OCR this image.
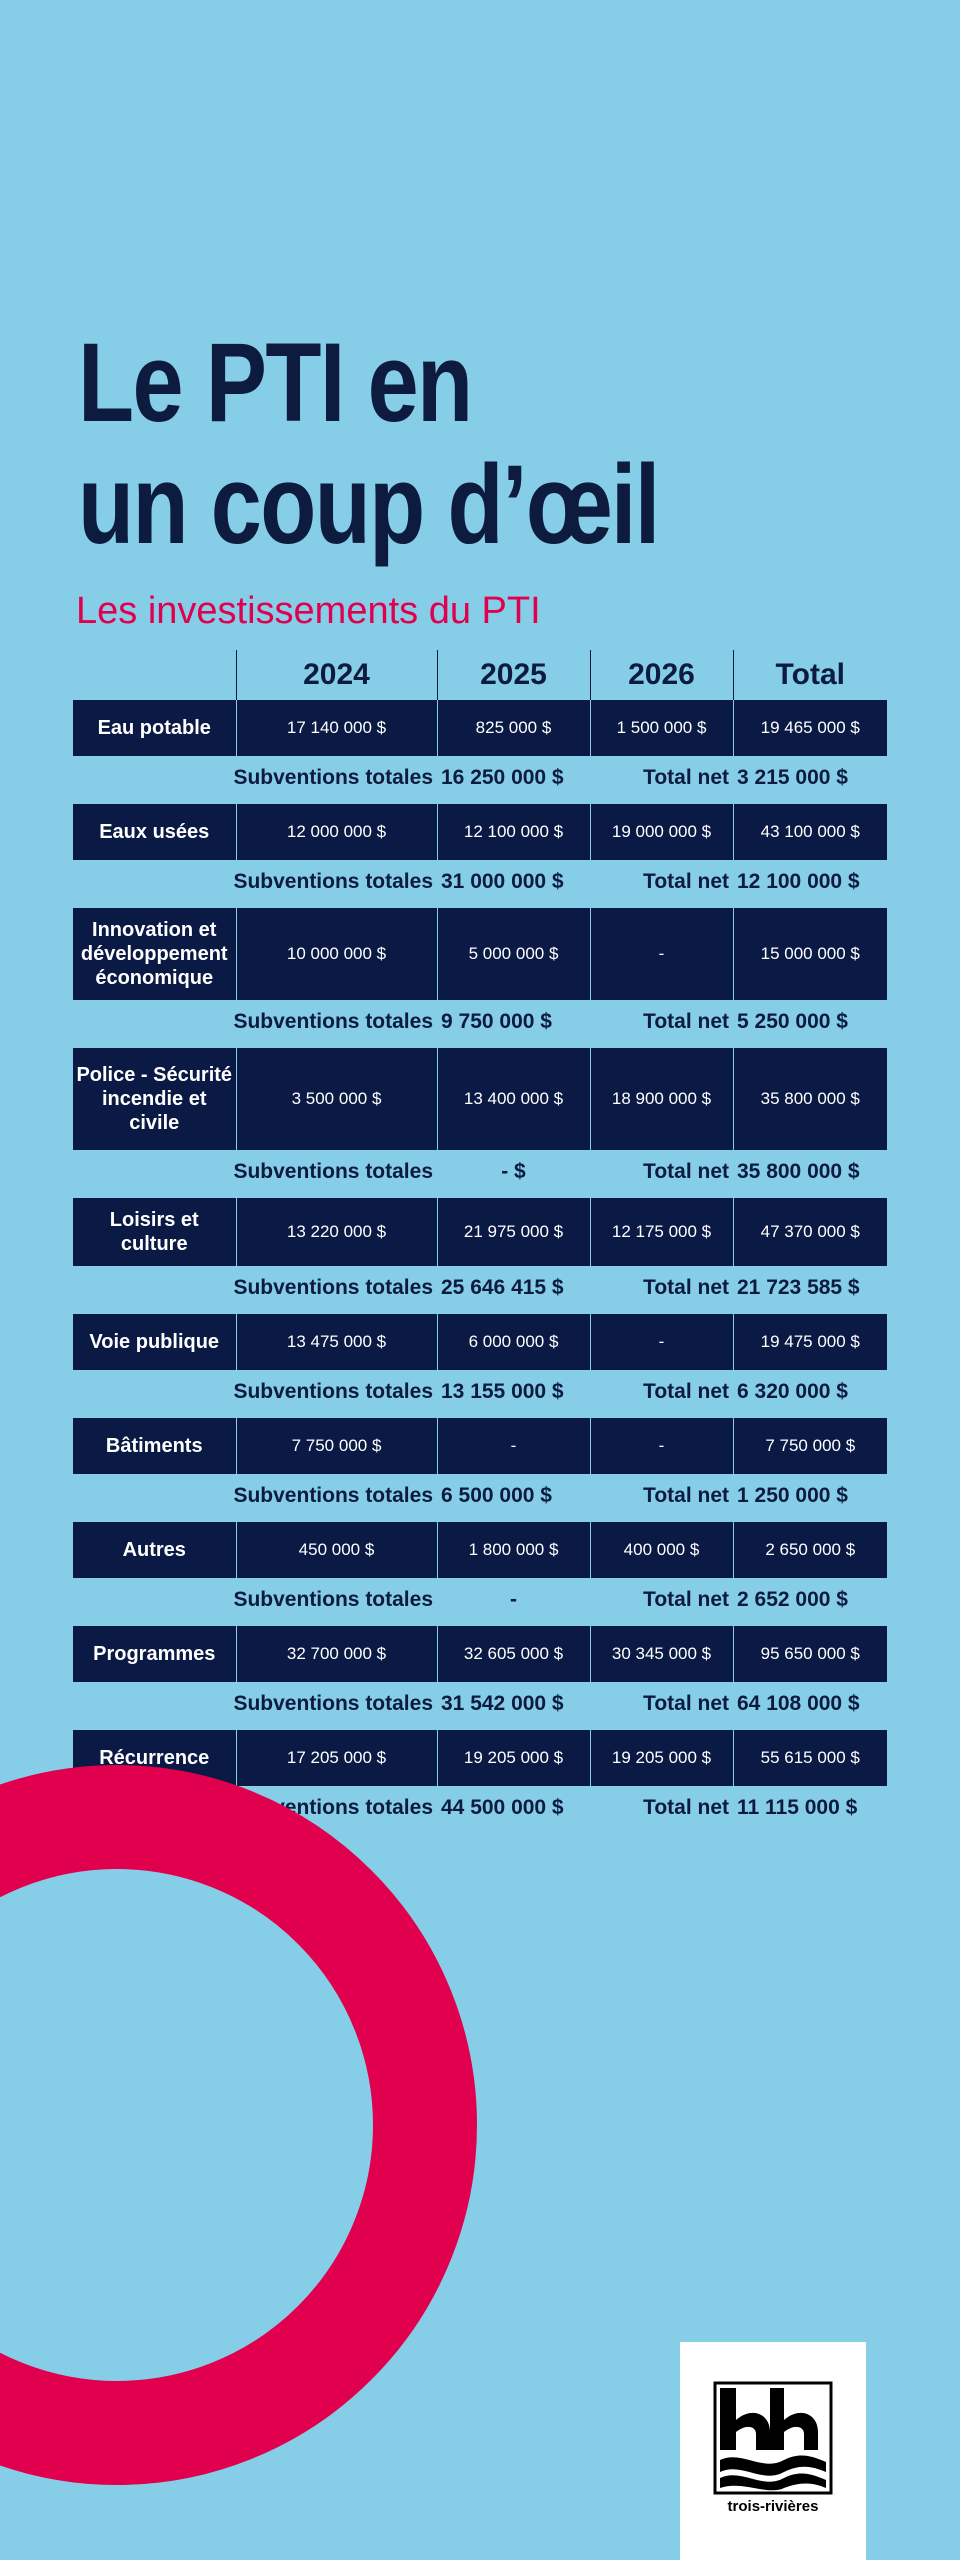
Le PTI en
un coup d’œil
Les investissements du PTI
	2024	2025	2026	Total
Eau potable	17 140 000 $	825 000 $	1 500 000 $	19 465 000 $
Subventions totales		16 250 000 $	Total net	3 215 000 $

Eaux usées	12 000 000 $	12 100 000 $	19 000 000 $	43 100 000 $
Subventions totales		31 000 000 $	Total net	12 100 000 $

Innovation et développement économique	10 000 000 $	5 000 000 $	-	15 000 000 $
Subventions totales		9 750 000 $	Total net	5 250 000 $

Police - Sécurité incendie et civile	3 500 000 $	13 400 000 $	18 900 000 $	35 800 000 $
Subventions totales		- $	Total net	35 800 000 $

Loisirs et culture	13 220 000 $	21 975 000 $	12 175 000 $	47 370 000 $
Subventions totales		25 646 415 $	Total net	21 723 585 $

Voie publique	13 475 000 $	6 000 000 $	-	19 475 000 $
Subventions totales		13 155 000 $	Total net	6 320 000 $

Bâtiments	7 750 000 $	-	-	7 750 000 $
Subventions totales		6 500 000 $	Total net	1 250 000 $

Autres	450 000 $	1 800 000 $	400 000 $	2 650 000 $
Subventions totales		-	Total net	2 652 000 $

Programmes	32 700 000 $	32 605 000 $	30 345 000 $	95 650 000 $
Subventions totales		31 542 000 $	Total net	64 108 000 $

Récurrence	17 205 000 $	19 205 000 $	19 205 000 $	55 615 000 $
Subventions totales		44 500 000 $	Total net	11 115 000 $

trois-rivières
